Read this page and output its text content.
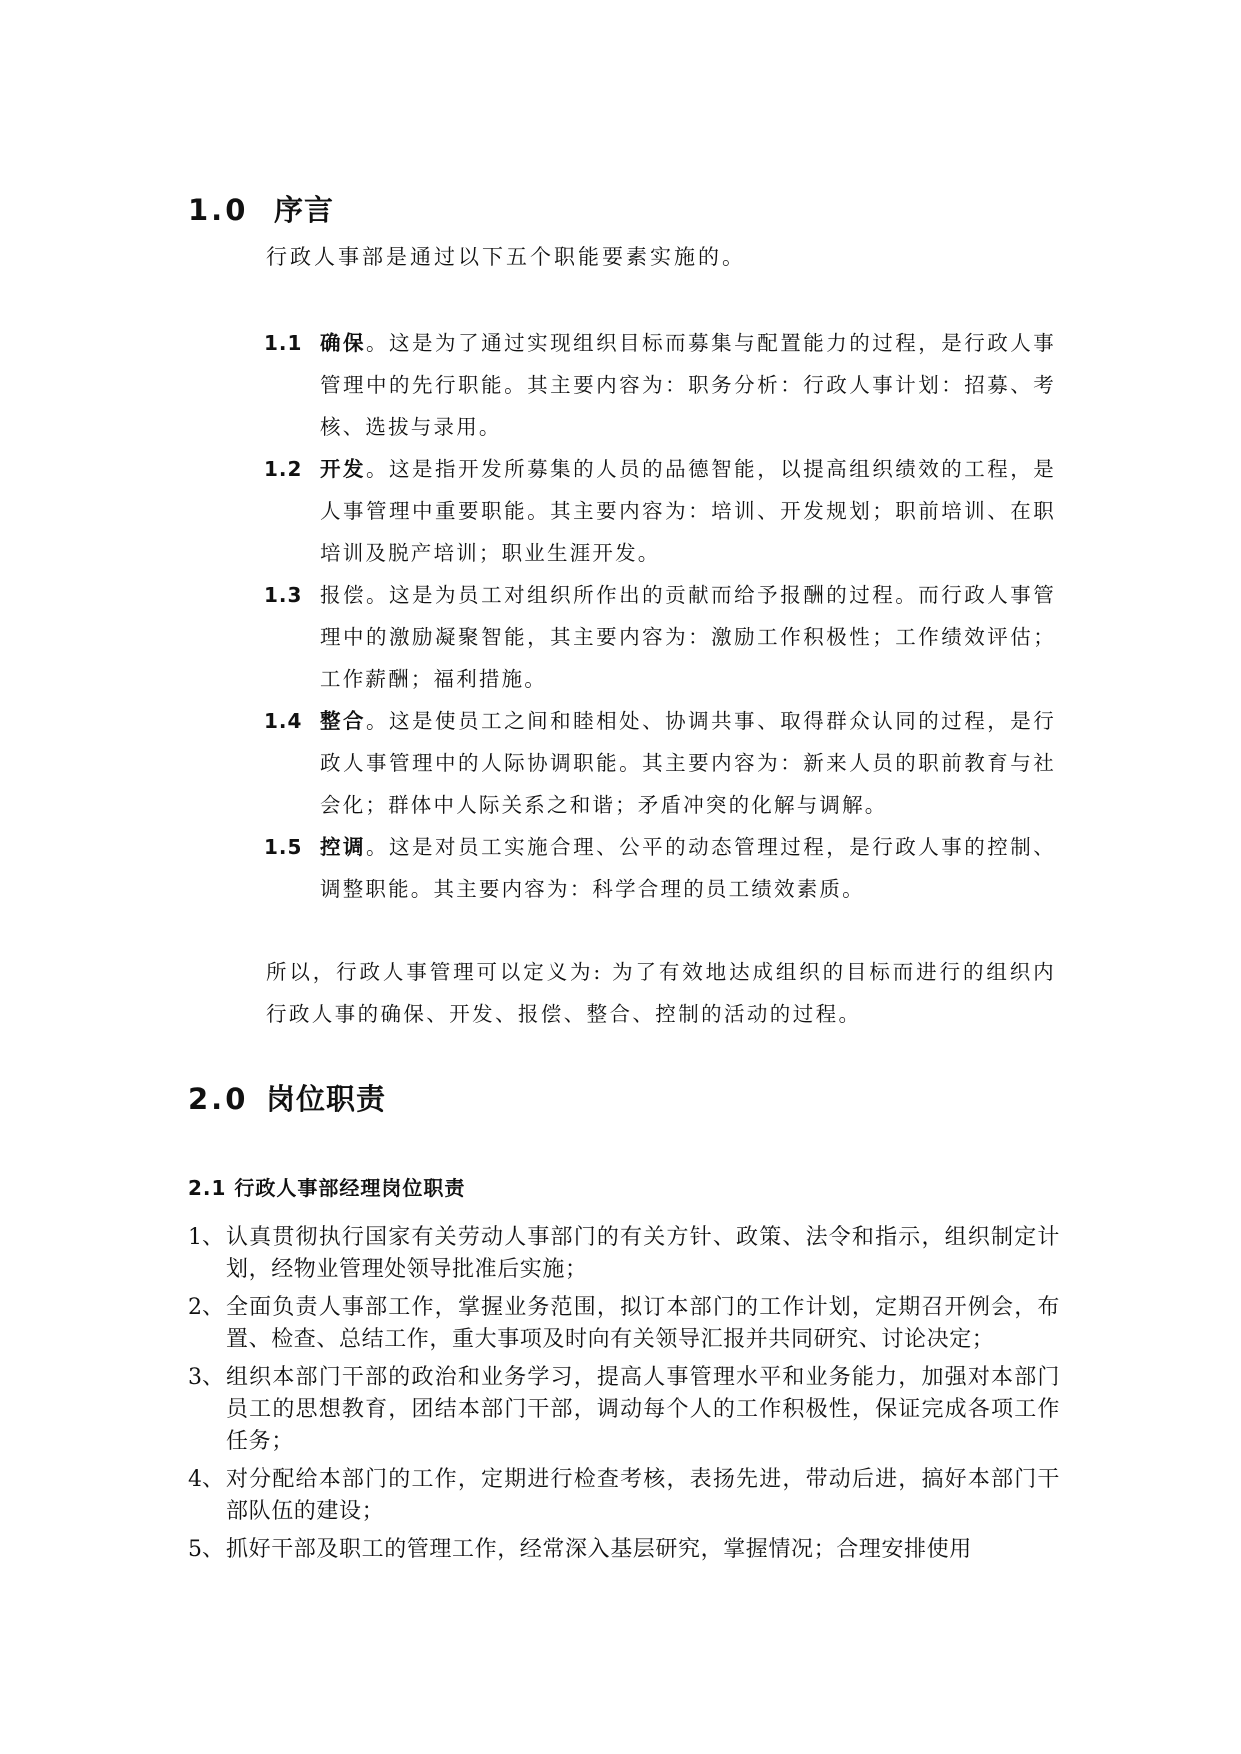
1.0 序言
行政人事部是通过以下五个职能要素实施的。
1.1 确保。这是为了通过实现组织目标而募集与配置能力的过程，是行政人事管理中的先行职能。其主要内容为：职务分析：行政人事计划：招募、考核、选拔与录用。
1.2 开发。这是指开发所募集的人员的品德智能，以提高组织绩效的工程，是人事管理中重要职能。其主要内容为：培训、开发规划；职前培训、在职培训及脱产培训；职业生涯开发。
1.3 报偿。这是为员工对组织所作出的贡献而给予报酬的过程。而行政人事管理中的激励凝聚智能，其主要内容为：激励工作积极性；工作绩效评估；工作薪酬；福利措施。
1.4 整合。这是使员工之间和睦相处、协调共事、取得群众认同的过程，是行政人事管理中的人际协调职能。其主要内容为：新来人员的职前教育与社会化；群体中人际关系之和谐；矛盾冲突的化解与调解。
1.5 控调。这是对员工实施合理、公平的动态管理过程，是行政人事的控制、调整职能。其主要内容为：科学合理的员工绩效素质。
所以，行政人事管理可以定义为: 为了有效地达成组织的目标而进行的组织内行政人事的确保、开发、报偿、整合、控制的活动的过程。
2.0 岗位职责
2.1 行政人事部经理岗位职责
1、 认真贯彻执行国家有关劳动人事部门的有关方针、政策、法令和指示，组织制定计划，经物业管理处领导批准后实施；
2、 全面负责人事部工作，掌握业务范围，拟订本部门的工作计划，定期召开例会，布置、检查、总结工作，重大事项及时向有关领导汇报并共同研究、讨论决定；
3、 组织本部门干部的政治和业务学习，提高人事管理水平和业务能力，加强对本部门员工的思想教育，团结本部门干部，调动每个人的工作积极性，保证完成各项工作任务；
4、 对分配给本部门的工作，定期进行检查考核，表扬先进，带动后进，搞好本部门干部队伍的建设；
5、 抓好干部及职工的管理工作，经常深入基层研究，掌握情况；合理安排使用
